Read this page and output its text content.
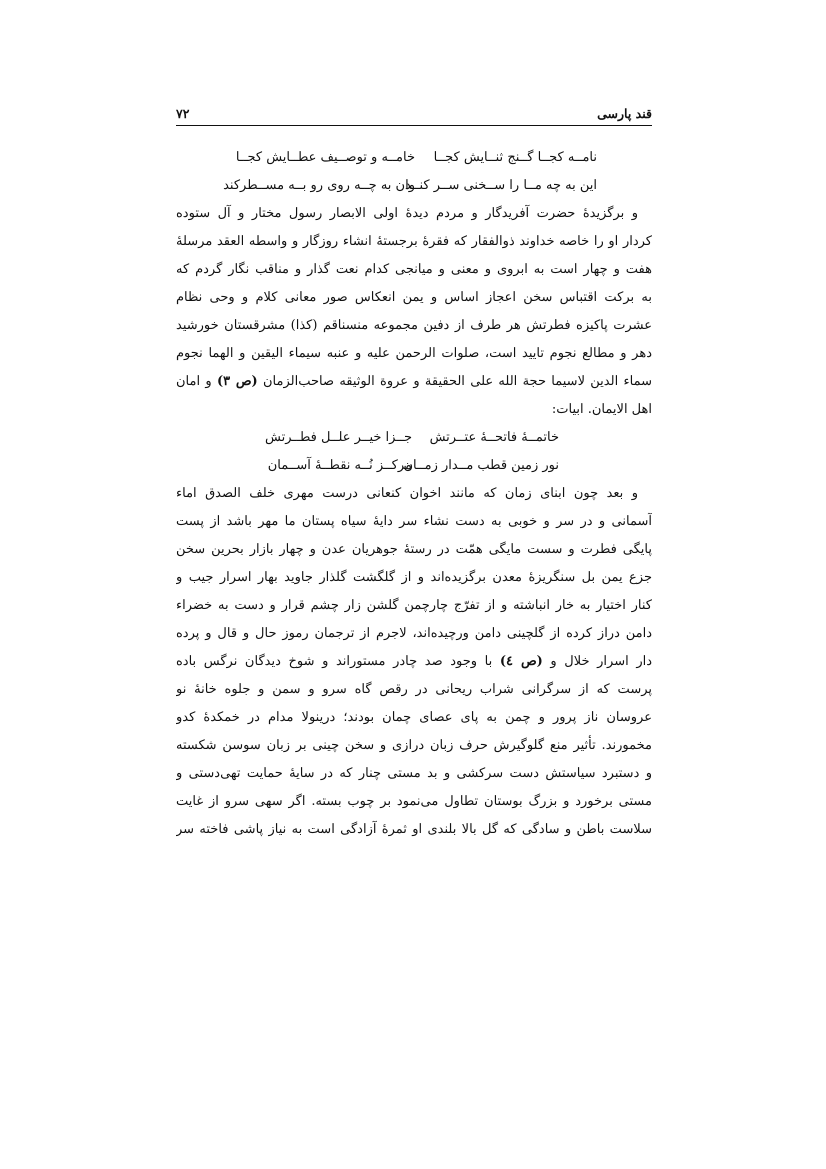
قند پارسی
۷۲
نامــه کجــا گــنج ثنــایش کجــا
خامــه و توصــیف عطــایش کجــا
این به چه مــا را ســخنی ســر کنــد
وان به چــه روی رو بــه مســطرکند
و برگزیدۀ حضرت آفریدگار و مردم دیدۀ اولی الابصار رسول مختار و آل ستوده
کردار او را خاصه خداوند ذوالفقار که فقرۀ برجستۀ انشاء روزگار و واسطه العقد مرسلۀ
هفت و چهار است به ابروی و معنی و میانجی کدام نعت گذار و مناقب نگار گردم که
به برکت اقتباس سخن اعجاز اساس و یمن انعکاس صور معانی کلام و وحی نظام
عشرت پاکیزه فطرتش هر طرف از دفین مجموعه منسناقم (کذا) مشرقستان خورشید
دهر و مطالع نجوم تایید است، صلوات الرحمن علیه و عنبه سیماء الیقین و الهما نجوم
سماء الدین لاسیما حجة الله علی الحقیقة و عروة الوثیقه صاحب‌الزمان (ص ۳) و امان
اهل الایمان. ابیات:
خاتمــۀ فاتحــۀ عتــرتش
جــزا خیــر علــل فطــرتش
نور زمین قطب مــدار زمــان
مرکــز نُــه نقطــۀ آســمان
و بعد چون ابنای زمان که مانند اخوان کنعانی درست مهری خلف الصدق اماء
آسمانی و در سر و خوبی به دست نشاء سر دایۀ سیاه پستان ما مهر باشد از پست
پایگی فطرت و سست مایگی همّت در رستۀ جوهریان عدن و چهار بازار بحرین سخن
جزع یمن بل سنگریزۀ معدن برگزیده‌اند و از گلگشت گلذار جاوید بهار اسرار جیب و
کنار اختیار به خار انباشته و از تفرّج چارچمن گلشن زار چشم قرار و دست به خضراء
دامن دراز کرده از گلچینی دامن ورچیده‌اند، لاجرم از ترجمان رموز حال و قال و پرده
دار اسرار خلال و (ص ٤) با وجود صد چادر مستوراند و شوخ دیدگان نرگس باده
پرست که از سرگرانی شراب ریحانی در رقص گاه سرو و سمن و جلوه خانۀ نو
عروسان ناز پرور و چمن به پای عصای چمان بودند؛ درینولا مدام در خمکدۀ کدو
مخمورند. تأثیر منع گلوگیرش حرف زبان درازی و سخن چینی بر زبان سوسن شکسته
و دستبرد سیاستش دست سرکشی و بد مستی چنار که در سایۀ حمایت تهی‌دستی و
مستی برخورد و بزرگ بوستان تطاول می‌نمود بر چوب بسته. اگر سهی سرو از غایت
سلاست باطن و سادگی که گل بالا بلندی او ثمرۀ آزادگی است به نیاز پاشی فاخته سر
